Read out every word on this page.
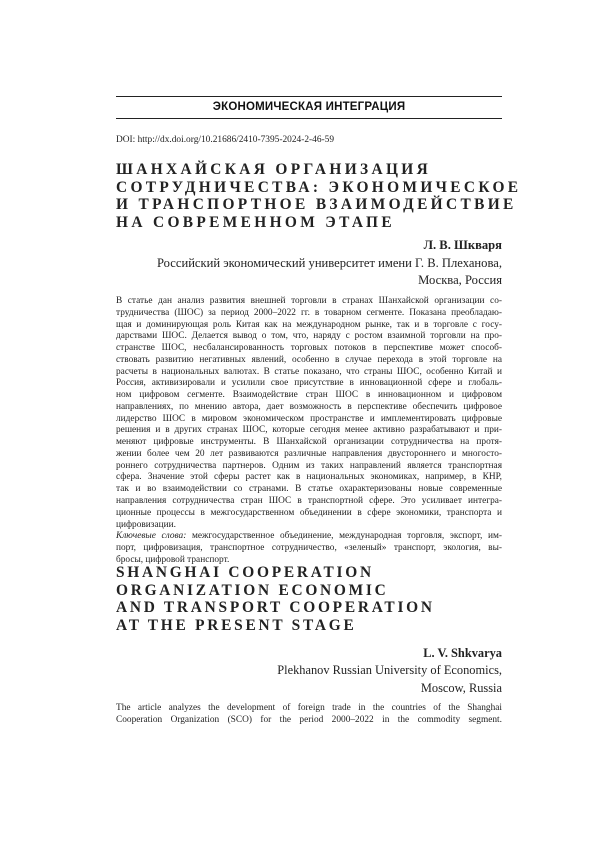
ЭКОНОМИЧЕСКАЯ ИНТЕГРАЦИЯ
DOI: http://dx.doi.org/10.21686/2410-7395-2024-2-46-59
ШАНХАЙСКАЯ ОРГАНИЗАЦИЯ
СОТРУДНИЧЕСТВА: ЭКОНОМИЧЕСКОЕ
И ТРАНСПОРТНОЕ ВЗАИМОДЕЙСТВИЕ
НА СОВРЕМЕННОМ ЭТАПЕ
Л. В. Шкваря
Российский экономический университет имени Г. В. Плеханова,
Москва, Россия
В статье дан анализ развития внешней торговли в странах Шанхайской организации со-
трудничества (ШОС) за период 2000–2022 гг. в товарном сегменте. Показана преобладаю-
щая и доминирующая роль Китая как на международном рынке, так и в торговле с госу-
дарствами ШОС. Делается вывод о том, что, наряду с ростом взаимной торговли на про-
странстве ШОС, несбалансированность торговых потоков в перспективе может способ-
ствовать развитию негативных явлений, особенно в случае перехода в этой торговле на
расчеты в национальных валютах. В статье показано, что страны ШОС, особенно Китай и
Россия, активизировали и усилили свое присутствие в инновационной сфере и глобаль-
ном цифровом сегменте. Взаимодействие стран ШОС в инновационном и цифровом
направлениях, по мнению автора, дает возможность в перспективе обеспечить цифровое
лидерство ШОС в мировом экономическом пространстве и имплементировать цифровые
решения и в других странах ШОС, которые сегодня менее активно разрабатывают и при-
меняют цифровые инструменты. В Шанхайской организации сотрудничества на протя-
жении более чем 20 лет развиваются различные направления двустороннего и многосто-
роннего сотрудничества партнеров. Одним из таких направлений является транспортная
сфера. Значение этой сферы растет как в национальных экономиках, например, в КНР,
так и во взаимодействии со странами. В статье охарактеризованы новые современные
направления сотрудничества стран ШОС в транспортной сфере. Это усиливает интегра-
ционные процессы в межгосударственном объединении в сфере экономики, транспорта и
цифровизации.
Ключевые слова: межгосударственное объединение, международная торговля, экспорт, им-
порт, цифровизация, транспортное сотрудничество, «зеленый» транспорт, экология, вы-
бросы, цифровой транспорт.
SHANGHAI COOPERATION
ORGANIZATION ECONOMIC
AND TRANSPORT COOPERATION
AT THE PRESENT STAGE
L. V. Shkvarya
Plekhanov Russian University of Economics,
Moscow, Russia
The article analyzes the development of foreign trade in the countries of the Shanghai
Cooperation Organization (SCO) for the period 2000–2022 in the commodity segment.
